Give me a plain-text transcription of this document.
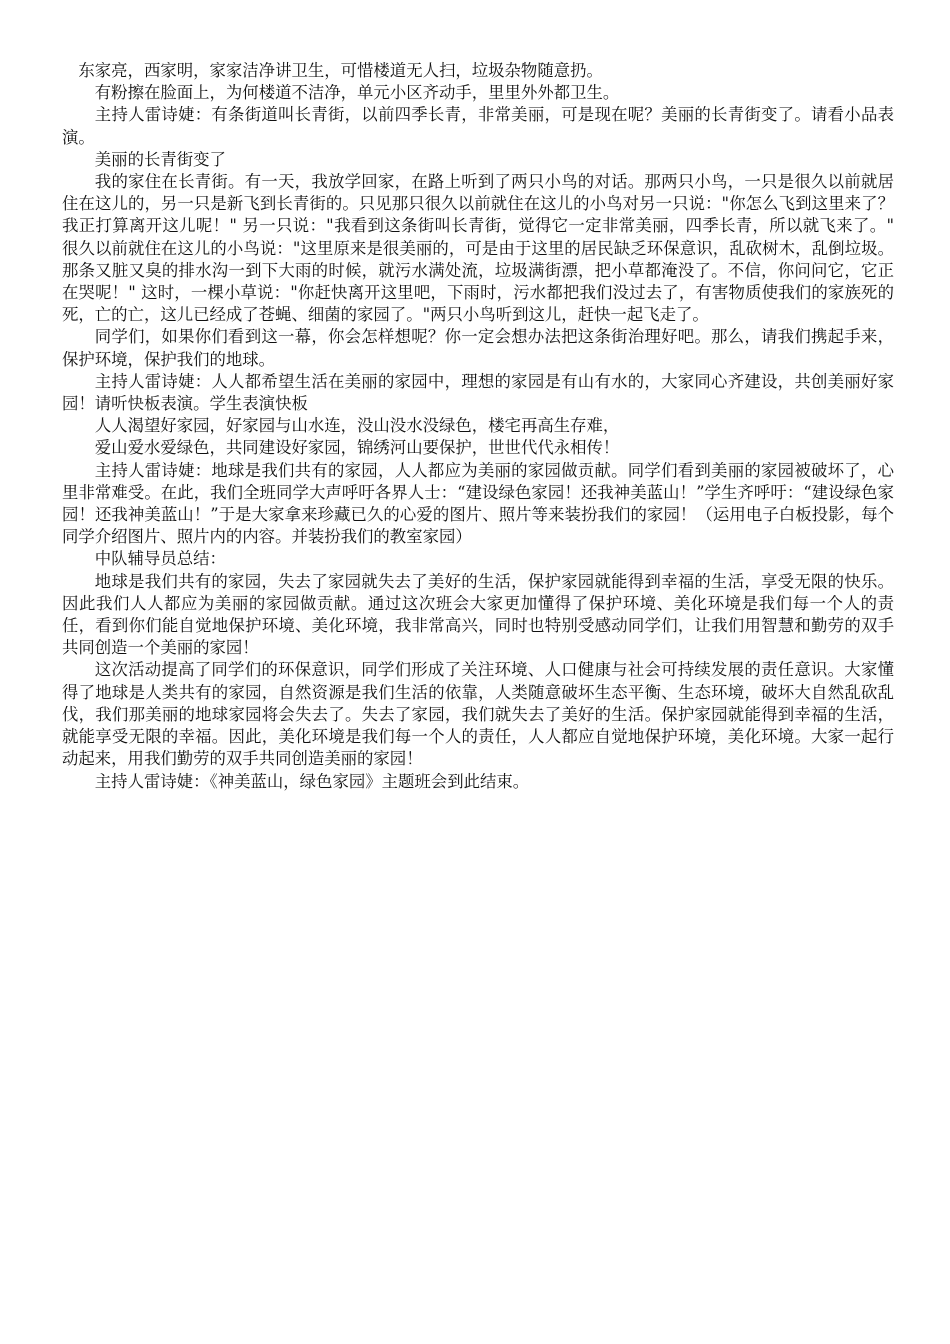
东家亮，西家明，家家洁净讲卫生，可惜楼道无人扫，垃圾杂物随意扔。

有粉擦在脸面上，为何楼道不洁净，单元小区齐动手，里里外外都卫生。

主持人雷诗婕：有条街道叫长青街，以前四季长青，非常美丽，可是现在呢？美丽的长青街变了。请看小品表演。

美丽的长青街变了

我的家住在长青街。有一天，我放学回家，在路上听到了两只小鸟的对话。那两只小鸟，一只是很久以前就居住在这儿的，另一只是新飞到长青街的。只见那只很久以前就住在这儿的小鸟对另一只说："你怎么飞到这里来了？我正打算离开这儿呢！" 另一只说："我看到这条街叫长青街，觉得它一定非常美丽，四季长青，所以就飞来了。" 很久以前就住在这儿的小鸟说："这里原来是很美丽的，可是由于这里的居民缺乏环保意识，乱砍树木，乱倒垃圾。那条又脏又臭的排水沟一到下大雨的时候，就污水满处流，垃圾满街漂，把小草都淹没了。不信，你问问它，它正在哭呢！" 这时，一棵小草说："你赶快离开这里吧，下雨时，污水都把我们没过去了，有害物质使我们的家族死的死，亡的亡，这儿已经成了苍蝇、细菌的家园了。"两只小鸟听到这儿，赶快一起飞走了。

同学们，如果你们看到这一幕，你会怎样想呢？你一定会想办法把这条街治理好吧。那么，请我们携起手来，保护环境，保护我们的地球。

主持人雷诗婕：人人都希望生活在美丽的家园中，理想的家园是有山有水的，大家同心齐建设，共创美丽好家园！请听快板表演。学生表演快板

人人渴望好家园，好家园与山水连，没山没水没绿色，楼宅再高生存难，

爱山爱水爱绿色，共同建设好家园，锦绣河山要保护，世世代代永相传！

主持人雷诗婕：地球是我们共有的家园，人人都应为美丽的家园做贡献。同学们看到美丽的家园被破坏了，心里非常难受。在此，我们全班同学大声呼吁各界人士：“建设绿色家园！还我神美蓝山！”学生齐呼吁：“建设绿色家园！还我神美蓝山！”于是大家拿来珍藏已久的心爱的图片、照片等来装扮我们的家园！（运用电子白板投影，每个同学介绍图片、照片内的内容。并装扮我们的教室家园）

中队辅导员总结：

地球是我们共有的家园，失去了家园就失去了美好的生活，保护家园就能得到幸福的生活，享受无限的快乐。因此我们人人都应为美丽的家园做贡献。通过这次班会大家更加懂得了保护环境、美化环境是我们每一个人的责任，看到你们能自觉地保护环境、美化环境，我非常高兴，同时也特别受感动同学们，让我们用智慧和勤劳的双手共同创造一个美丽的家园！

这次活动提高了同学们的环保意识，同学们形成了关注环境、人口健康与社会可持续发展的责任意识。大家懂得了地球是人类共有的家园，自然资源是我们生活的依靠，人类随意破坏生态平衡、生态环境，破坏大自然乱砍乱伐，我们那美丽的地球家园将会失去了。失去了家园，我们就失去了美好的生活。保护家园就能得到幸福的生活，就能享受无限的幸福。因此，美化环境是我们每一个人的责任，人人都应自觉地保护环境，美化环境。大家一起行动起来，用我们勤劳的双手共同创造美丽的家园！

主持人雷诗婕：《神美蓝山，绿色家园》主题班会到此结束。
